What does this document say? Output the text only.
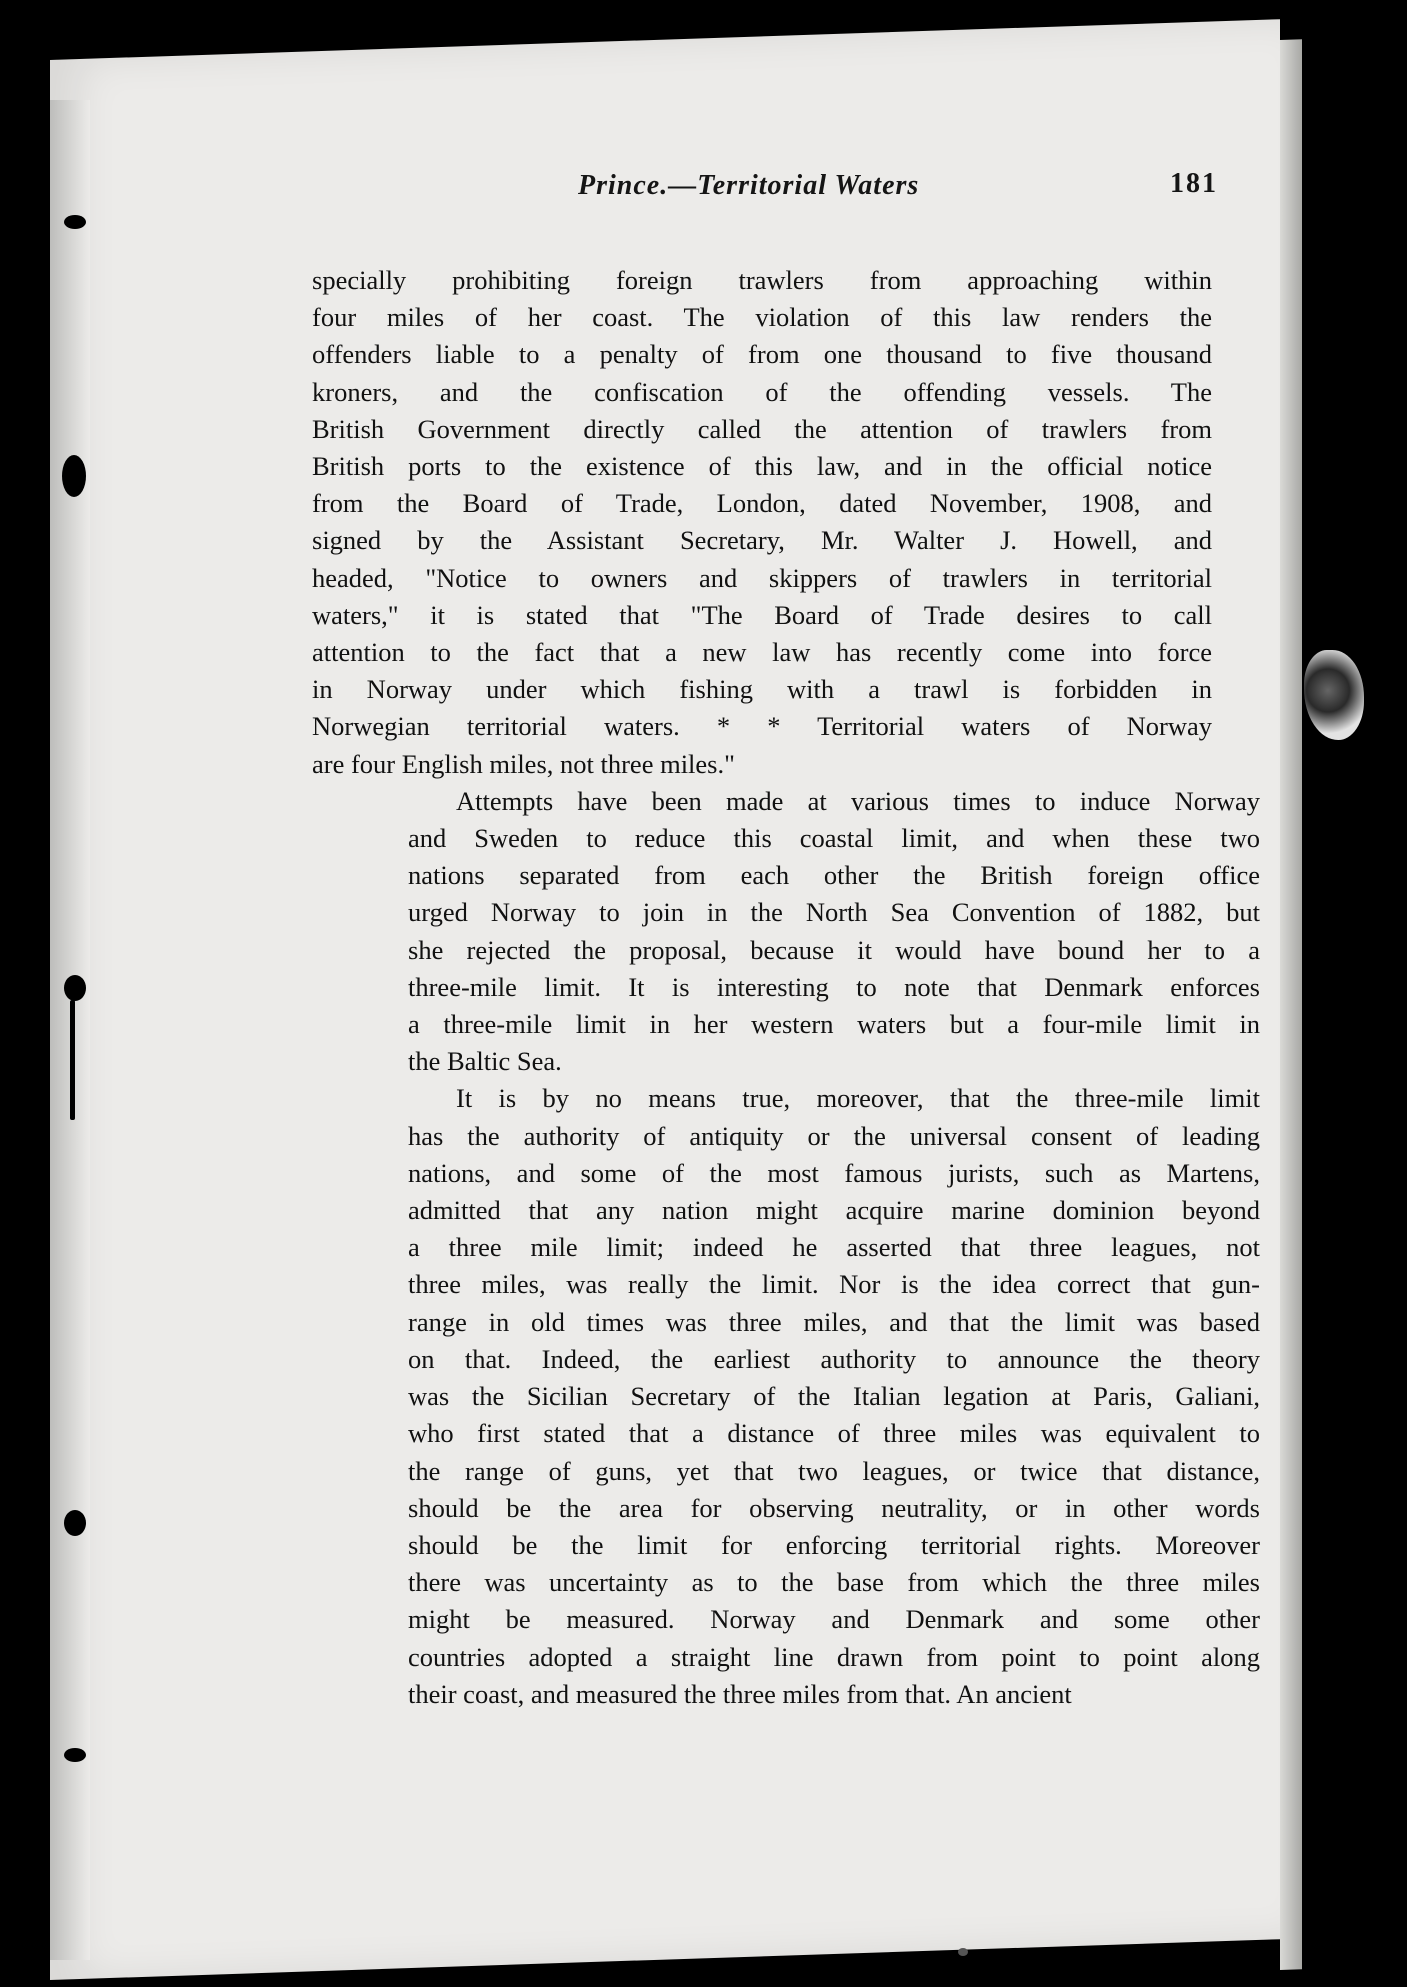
Prince.—Territorial Waters	181
specially prohibiting foreign trawlers from approaching within
four miles of her coast. The violation of this law renders the
offenders liable to a penalty of from one thousand to five thousand
kroners, and the confiscation of the offending vessels. The
British Government directly called the attention of trawlers from
British ports to the existence of this law, and in the official notice
from the Board of Trade, London, dated November, 1908, and
signed by the Assistant Secretary, Mr. Walter J. Howell, and
headed, "Notice to owners and skippers of trawlers in territorial
waters," it is stated that "The Board of Trade desires to call
attention to the fact that a new law has recently come into force
in Norway under which fishing with a trawl is forbidden in
Norwegian territorial waters. * * Territorial waters of Norway
are four English miles, not three miles."
Attempts have been made at various times to induce Norway
and Sweden to reduce this coastal limit, and when these two
nations separated from each other the British foreign office
urged Norway to join in the North Sea Convention of 1882, but
she rejected the proposal, because it would have bound her to a
three-mile limit. It is interesting to note that Denmark enforces
a three-mile limit in her western waters but a four-mile limit in
the Baltic Sea.
It is by no means true, moreover, that the three-mile limit
has the authority of antiquity or the universal consent of leading
nations, and some of the most famous jurists, such as Martens,
admitted that any nation might acquire marine dominion beyond
a three mile limit; indeed he asserted that three leagues, not
three miles, was really the limit. Nor is the idea correct that gun-
range in old times was three miles, and that the limit was based
on that. Indeed, the earliest authority to announce the theory
was the Sicilian Secretary of the Italian legation at Paris, Galiani,
who first stated that a distance of three miles was equivalent to
the range of guns, yet that two leagues, or twice that distance,
should be the area for observing neutrality, or in other words
should be the limit for enforcing territorial rights. Moreover
there was uncertainty as to the base from which the three miles
might be measured. Norway and Denmark and some other
countries adopted a straight line drawn from point to point along
their coast, and measured the three miles from that. An ancient
